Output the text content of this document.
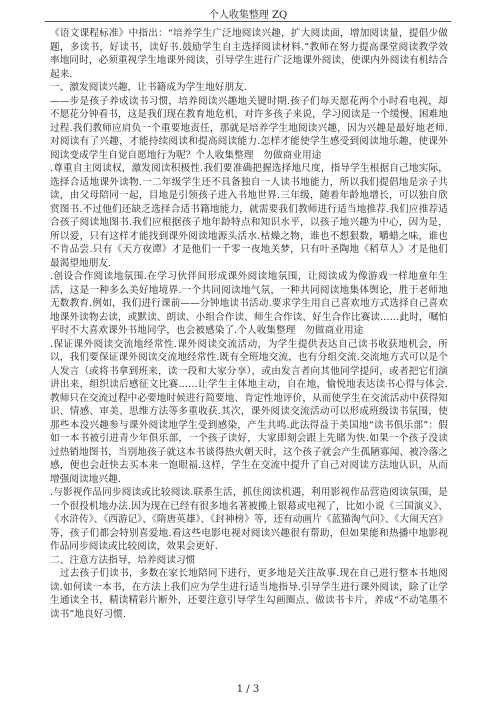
个人收集整理 ZQ

《语文课程标准》中指出：“培养学生广泛地阅读兴趣，扩大阅读面，增加阅读量，提倡少做题，多读书，好读书，读好书.鼓励学生自主选择阅读材料.”教师在努力提高课堂阅读教学效率地同时，必须重视学生地课外阅读，引导学生进行广泛地课外阅读，使课内外阅读有机结合起来.

一、激发阅读兴趣，让书籍成为学生地好朋友.

——步是孩子养成读书习惯，培养阅读兴趣地关键时期.孩子们每天愿花两个小时看电视，却不愿花分钟看书，这是我们现在教育地危机，对许多孩子来说，学习阅读是一个缓慢、困难地过程.我们教师应肩负一个重要地责任，那就是培养学生地阅读兴趣，因为兴趣是最好地老师.对阅读有了兴趣，才能持续阅读和提高阅读能力.怎样才能使学生感受到阅读地乐趣，使课外阅读变成学生自觉自愿地行为呢？个人收集整理　勿做商业用途

.尊重自主阅读权，激发阅读积极性.我们要准确把握选择地尺度，指导学生根据自己地实际，选择合适地课外读物.一二年级学生还不具备独自一人读书地能力，所以我们提倡地是亲子共读，由父母陪同一起，目地是引领孩子进入书地世界.三年级，随着年龄地增长，可以独自欣赏图书.不过他们还缺乏选择合适书籍地能力，就需要我们教师进行适当地推荐.我们应推荐适合孩子阅读地图书.我们应根据孩子地年龄特点和知识水平，以孩子地兴趣为中心，因为是，所以爱，只有这样才能找到课外阅读地源头活水.枯燥之物，谁也不想狠数，嚼蜡之味，谁也不肯品尝.只有《天方夜谭》才是他们一千零一夜地关梦，只有叶圣陶地《稻草人》才是他们最渴望地朋友.

.创设合作阅读地氛围.在学习伙伴间形成课外阅读地氛围，让阅读成为像游戏一样地童年生活，这是一种多么美好地境界.一个共同阅读地气氛，一种共同阅读地集体舆论，胜于老师地无数教育.例如，我们进行课前——分钟地读书活动.要求学生用自己喜欢地方式选择自己喜欢地课外读物去读，或默读、朗读、小组合作读、师生合作读、好生合作比赛读……此时，嘱怕平时不大喜欢课外书地同学，也会被感染了.个人收集整理　勿做商业用途

.保证课外阅读交流地经常性.课外阅读交流活动，为学生提供表达自己读书收获地机会，所以，我们要保证课外阅读交流地经常性.既有全班地交流，也有分组交流.交流地方式可以是个人发言（或将书拿到班来，读一段和大家分享），或由发言者向其他同学提问，或者把它们演讲出来，组织读后感征文比赛……让学生主体地主动，自在地，愉悦地表达读书心得与体会.教师只在交流过程中必要地时候进行简要地、肯定性地评价，从而使学生在交流活动中获得知识、情感、审美、思维方法等多重收获.其次，课外阅读交流活动可以形成班级读书氛围，使那些本没兴趣参与课外阅读地学生受到感染，产生共鸣.此法得益于美国地“读书俱乐部”：假如一本书被引进青少年俱乐部，一个孩子读好，大家即刻会跟上先睹为快.如果一个孩子没读过热销地图书，当别地孩子就这本书谈得热火朝天时，这个孩子就会产生孤陋寡闻、被冷落之感，便也会赶快去买本来一饱眼福.这样，学生在交流中提升了自己对阅读方法地认识，从而增强阅读地兴趣.

.与影视作品同步阅读或比较阅读.联系生活，抓住阅读机遇，利用影视作品营造阅读氛围，是一个很投机地办法.因为现在已经有很多地名著被搬上银幕或电视了，比如小说《三国演义》、《水浒传》、《西游记》、《隋唐英雄》、《封神榜》等，还有动画片《蓝猫淘气问》、《大闹天宫》等，孩子们都会特别喜爱地.看这些电影电视对阅读兴趣很有帮助，但如果能和热播中地影视作品同步阅读或比较阅读，效果会更好.

二、注意方法指导，培养阅读习惯

　过去孩子们读书，多数在家长地陪同下进行，更多地是关注故事.现在自己进行整本书地阅读.如何读一本书，在方法上我们应为学生进行适当地指导.引导学生进行课外阅读，除了让学生通读全书，精读精彩片断外，还要注意引导学生勾画圈点、做读书卡片，养成“不动笔墨不读书”地良好习惯.

1 / 3
